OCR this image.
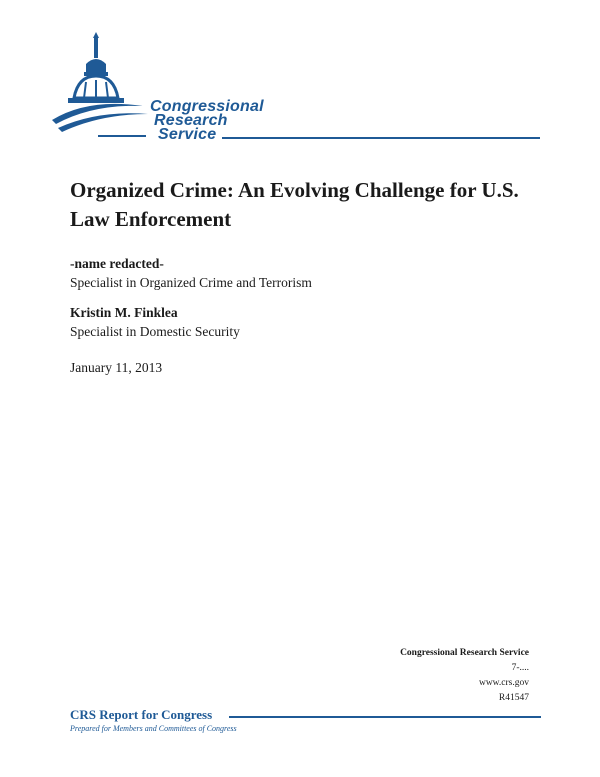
Congressional
Research
Service
Organized Crime: An Evolving Challenge for U.S. Law Enforcement
-name redacted-
Specialist in Organized Crime and Terrorism
Kristin M. Finklea
Specialist in Domestic Security
January 11, 2013
Congressional Research Service
7-....
www.crs.gov
R41547
CRS Report for Congress
Prepared for Members and Committees of Congress
